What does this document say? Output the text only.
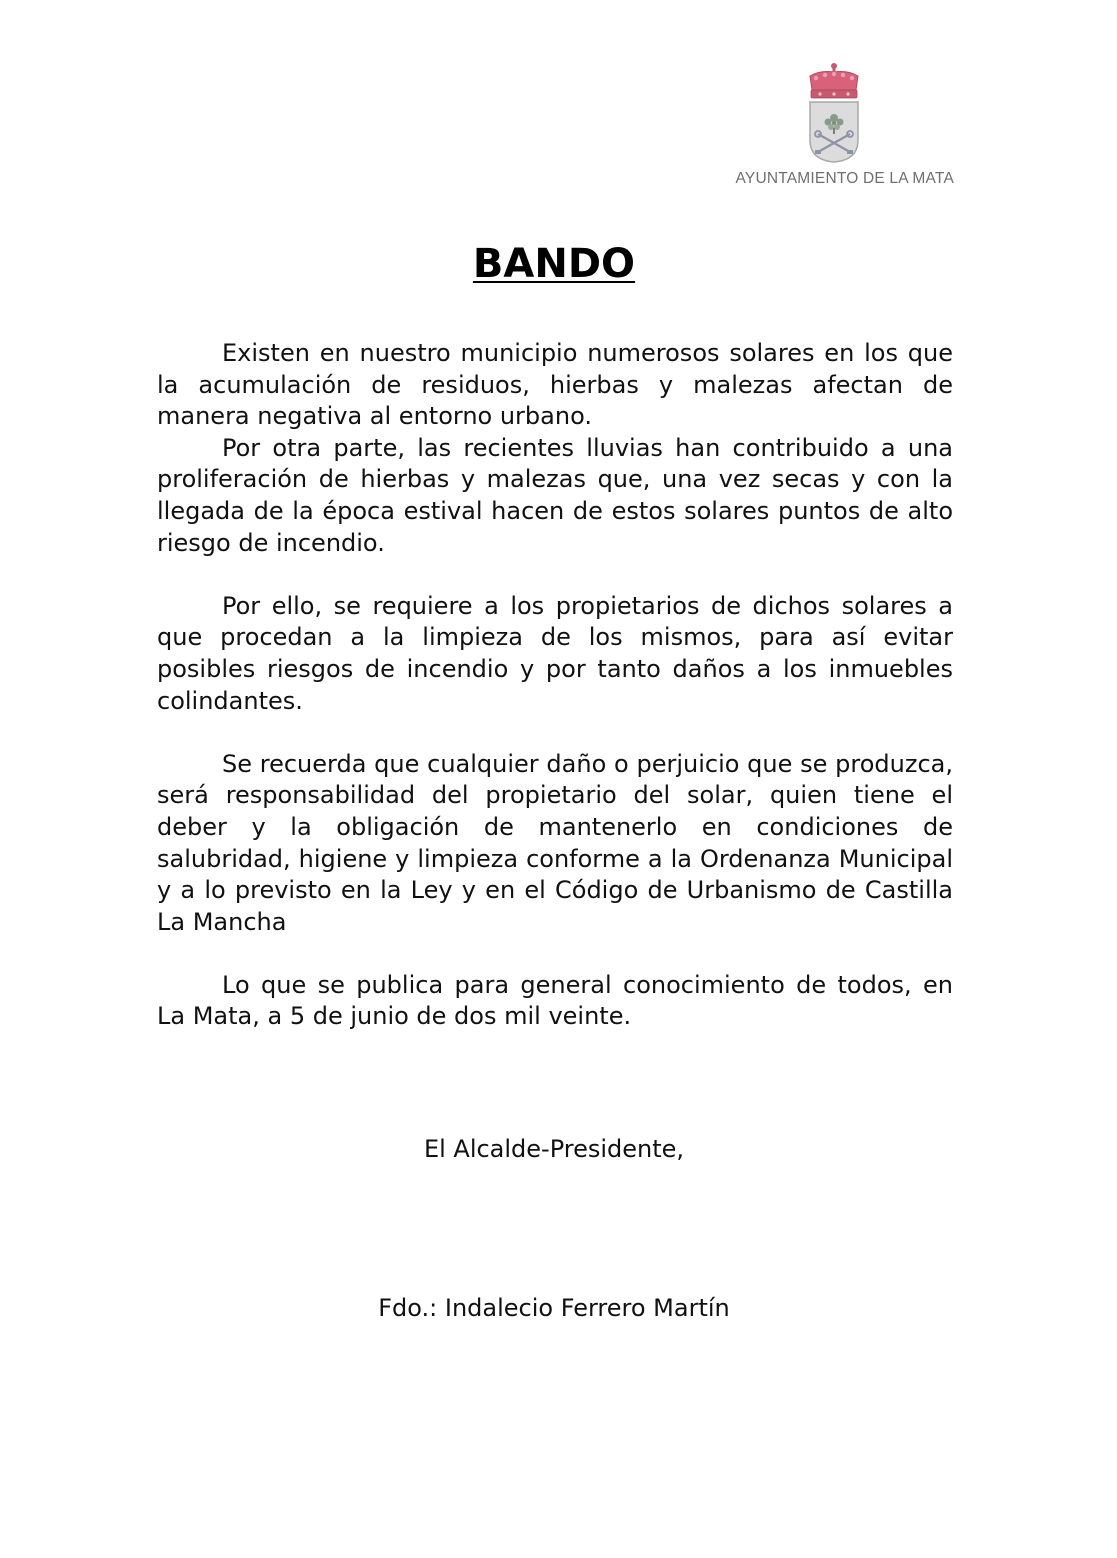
AYUNTAMIENTO DE LA MATA
BANDO

Existen en nuestro municipio numerosos solares en los que la acumulación de residuos, hierbas y malezas afectan de manera negativa al entorno urbano.

Por otra parte, las recientes lluvias han contribuido a una proliferación de hierbas y malezas que, una vez secas y con la llegada de la época estival hacen de estos solares puntos de alto riesgo de incendio.

Por ello, se requiere a los propietarios de dichos solares a que procedan a la limpieza de los mismos, para así evitar posibles riesgos de incendio y por tanto daños a los inmuebles colindantes.

Se recuerda que cualquier daño o perjuicio que se produzca, será responsabilidad del propietario del solar, quien tiene el deber y la obligación de mantenerlo en condiciones de salubridad, higiene y limpieza conforme a la Ordenanza Municipal y a lo previsto en la Ley y en el Código de Urbanismo de Castilla La Mancha

Lo que se publica para general conocimiento de todos, en La Mata, a 5 de junio de dos mil veinte.

El Alcalde-Presidente,
Fdo.: Indalecio Ferrero Martín
